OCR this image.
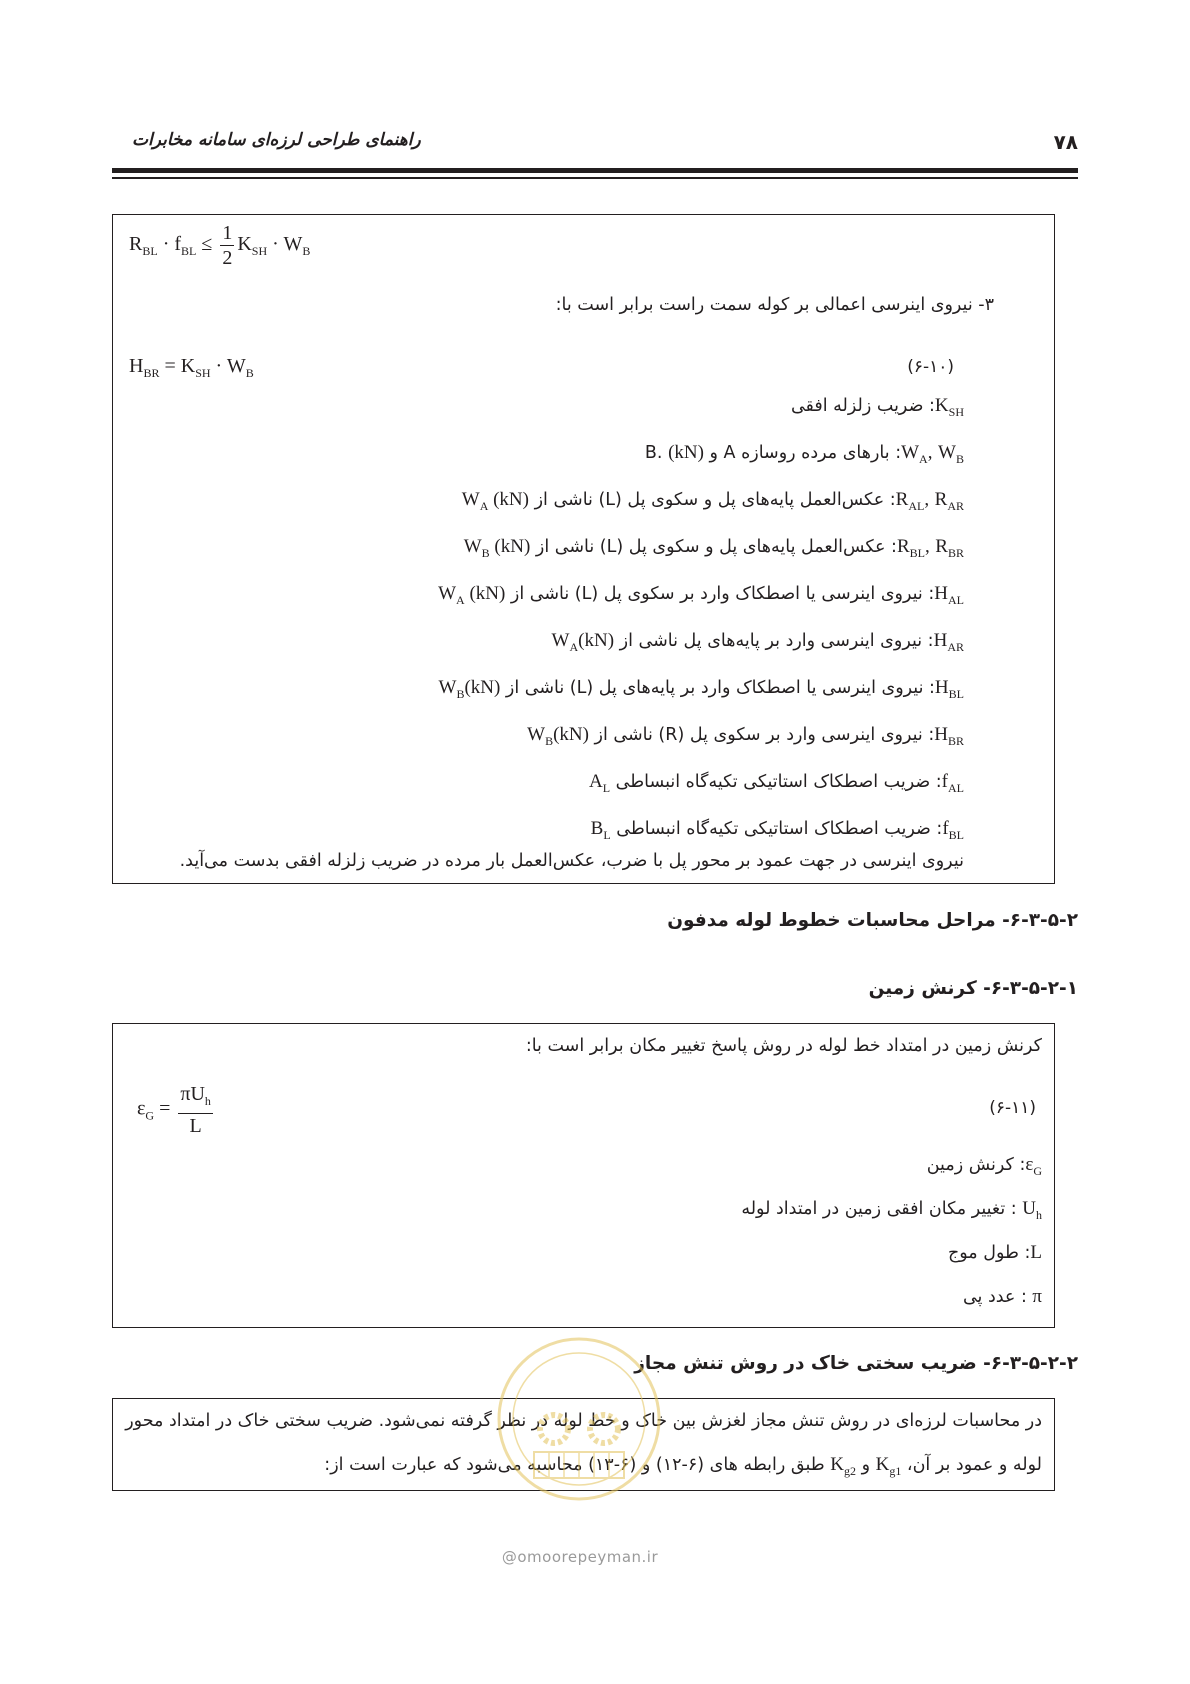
۷۸
راهنمای طراحی لرزه‌ای سامانه مخابرات
$R_{BL} \cdot f_{BL} \le \frac{1}{2} K_{SH} \cdot W_B$
۳- نیروی اینرسی اعمالی بر کوله سمت راست برابر است با:
$H_{BR} = K_{SH} \cdot W_B$	(۶-۱۰)
$K_{SH}$: ضریب زلزله افقی
$W_A$, $W_B$: بارهای مرده روسازه A و B. (kN)
$R_{AL}$, $R_{AR}$: عکس‌العمل پایه‌های پل و سکوی پل (L) ناشی از $W_A$ (kN)
$R_{BL}$, $R_{BR}$: عکس‌العمل پایه‌های پل و سکوی پل (L) ناشی از $W_B$ (kN)
$H_{AL}$: نیروی اینرسی یا اصطکاک وارد بر سکوی پل (L) ناشی از $W_A$ (kN)
$H_{AR}$: نیروی اینرسی وارد بر پایه‌های پل ناشی از $W_A(kN)$
$H_{BL}$: نیروی اینرسی یا اصطکاک وارد بر پایه‌های پل (L) ناشی از $W_B(kN)$
$H_{BR}$: نیروی اینرسی وارد بر سکوی پل (R) ناشی از $W_B(kN)$
$f_{AL}$: ضریب اصطکاک استاتیکی تکیه‌گاه انبساطی $A_L$
$f_{BL}$: ضریب اصطکاک استاتیکی تکیه‌گاه انبساطی $B_L$
نیروی اینرسی در جهت عمود بر محور پل با ضرب، عکس‌العمل بار مرده در ضریب زلزله افقی بدست می‌آید.
۶-۳-۵-۲- مراحل محاسبات خطوط لوله مدفون
۶-۳-۵-۲-۱- کرنش زمین
کرنش زمین در امتداد خط لوله در روش پاسخ تغییر مکان برابر است با:
$\varepsilon_G = \frac{\pi U_h}{L}$	(۶-۱۱)
$\varepsilon_G$: کرنش زمین
$U_h$ : تغییر مکان افقی زمین در امتداد لوله
L: طول موج
π : عدد پی
۶-۳-۵-۲-۲- ضریب سختی خاک در روش تنش مجاز
در محاسبات لرزه‌ای در روش تنش مجاز لغزش بین خاک و خط لوله در نظر گرفته نمی‌شود. ضریب سختی خاک در امتداد محور
لوله و عمود بر آن، $K_{g1}$ و $K_{g2}$ طبق رابطه های (۶-۱۲) و (۶-۱۳) محاسبه می‌شود که عبارت است از:
@omoorepeyman.ir
